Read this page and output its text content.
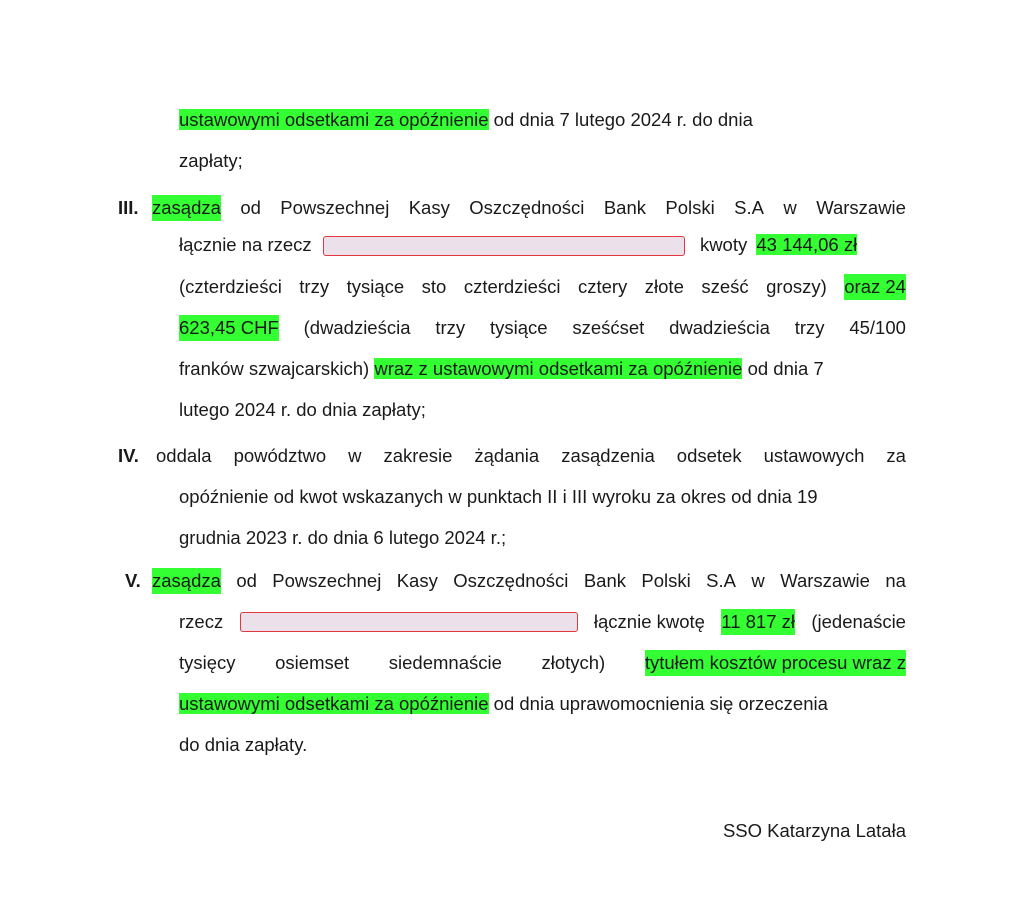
ustawowymi odsetkami za opóźnienie od dnia 7 lutego 2024 r. do dnia
zapłaty;
III. zasądza od Powszechnej Kasy Oszczędności Bank Polski S.A w Warszawie
łącznie na rzecz	kwoty 43 144,06 zł
(czterdzieści trzy tysiące sto czterdzieści cztery złote sześć groszy) oraz 24
623,45 CHF (dwadzieścia trzy tysiące sześćset dwadzieścia trzy 45/100
franków szwajcarskich) wraz z ustawowymi odsetkami za opóźnienie od dnia 7
lutego 2024 r. do dnia zapłaty;
IV. oddala powództwo w zakresie żądania zasądzenia odsetek ustawowych za
opóźnienie od kwot wskazanych w punktach II i III wyroku za okres od dnia 19
grudnia 2023 r. do dnia 6 lutego 2024 r.;
V. zasądza od Powszechnej Kasy Oszczędności Bank Polski S.A w Warszawie na
rzecz	łącznie kwotę 11 817 zł (jedenaście
tysięcy osiemset siedemnaście złotych) tytułem kosztów procesu wraz z
ustawowymi odsetkami za opóźnienie od dnia uprawomocnienia się orzeczenia
do dnia zapłaty.
SSO Katarzyna Latała
